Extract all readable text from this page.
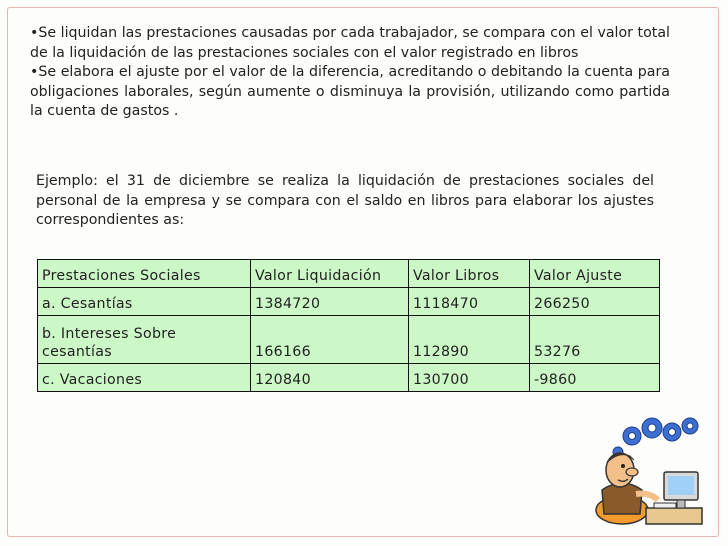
•Se liquidan las prestaciones causadas por cada trabajador, se compara con el valor total de la liquidación de las prestaciones sociales con el valor registrado en libros

•Se elabora el ajuste por el valor de la diferencia, acreditando o debitando la cuenta para obligaciones laborales, según aumente o disminuya la provisión, utilizando como partida la cuenta de gastos .

Ejemplo: el 31 de diciembre se realiza la liquidación de prestaciones sociales del personal de la empresa y se compara con el saldo en libros para elaborar los ajustes correspondientes as:

Prestaciones Sociales	Valor Liquidación	Valor Libros	Valor Ajuste
a. Cesantías	1384720	1118470	266250
b. Intereses Sobre cesantías	166166	112890	53276
c. Vacaciones	120840	130700	-9860
